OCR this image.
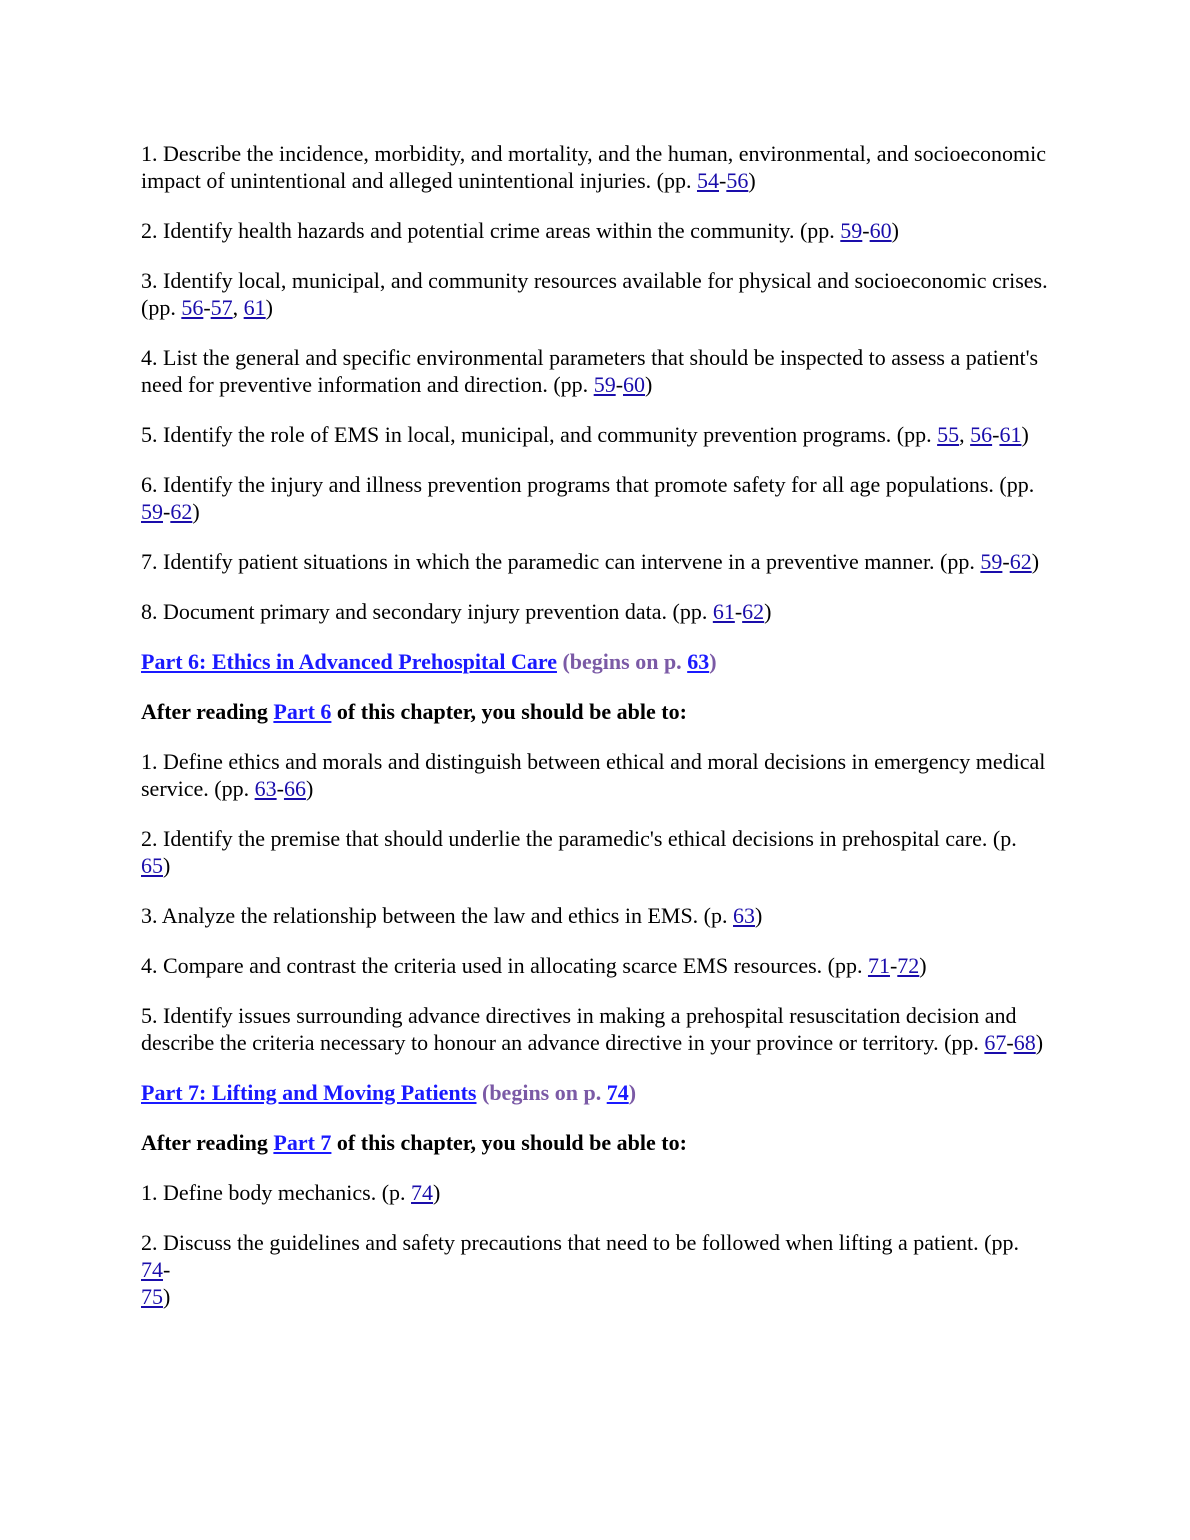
1. Describe the incidence, morbidity, and mortality, and the human, environmental, and socioeconomic impact of unintentional and alleged unintentional injuries. (pp. 54-56)

2. Identify health hazards and potential crime areas within the community. (pp. 59-60)

3. Identify local, municipal, and community resources available for physical and socioeconomic crises. (pp. 56-57, 61)

4. List the general and specific environmental parameters that should be inspected to assess a patient's need for preventive information and direction. (pp. 59-60)

5. Identify the role of EMS in local, municipal, and community prevention programs. (pp. 55, 56-61)

6. Identify the injury and illness prevention programs that promote safety for all age populations. (pp. 59-62)

7. Identify patient situations in which the paramedic can intervene in a preventive manner. (pp. 59-62)

8. Document primary and secondary injury prevention data. (pp. 61-62)

Part 6: Ethics in Advanced Prehospital Care (begins on p. 63)

After reading Part 6 of this chapter, you should be able to:

1. Define ethics and morals and distinguish between ethical and moral decisions in emergency medical service. (pp. 63-66)

2. Identify the premise that should underlie the paramedic's ethical decisions in prehospital care. (p. 65)

3. Analyze the relationship between the law and ethics in EMS. (p. 63)

4. Compare and contrast the criteria used in allocating scarce EMS resources. (pp. 71-72)

5. Identify issues surrounding advance directives in making a prehospital resuscitation decision and describe the criteria necessary to honour an advance directive in your province or territory. (pp. 67-68)

Part 7: Lifting and Moving Patients (begins on p. 74)

After reading Part 7 of this chapter, you should be able to:

1. Define body mechanics. (p. 74)

2. Discuss the guidelines and safety precautions that need to be followed when lifting a patient. (pp. 74-
75)
